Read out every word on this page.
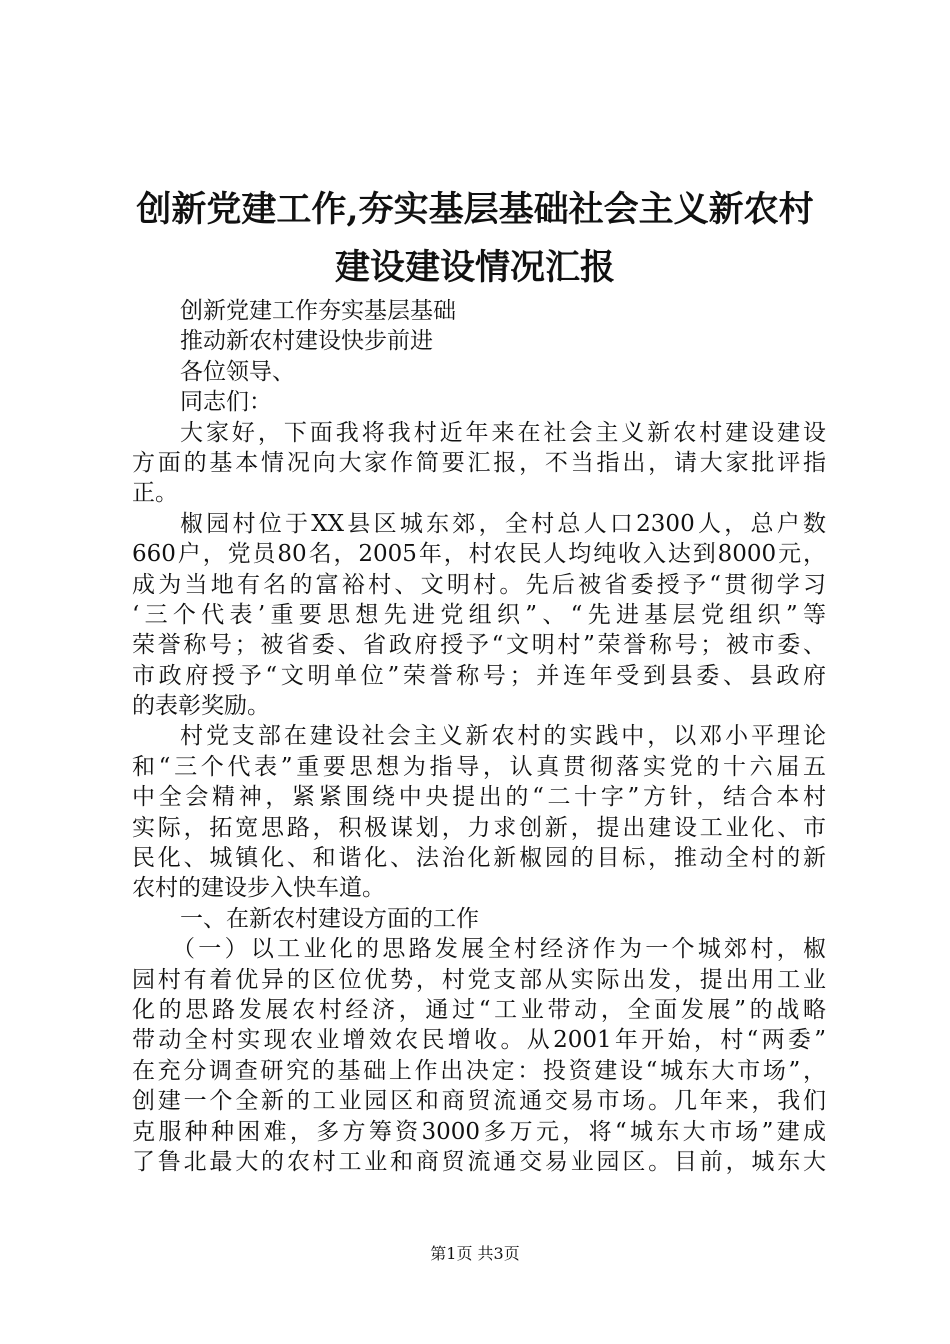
创新党建工作,夯实基层基础社会主义新农村
建设建设情况汇报
创新党建工作夯实基层基础
推动新农村建设快步前进
各位领导、
同志们：
大家好，下面我将我村近年来在社会主义新农村建设建设
方面的基本情况向大家作简要汇报，不当指出，请大家批评指
正。
椒园村位于XX县区城东郊，全村总人口2300人，总户数
660户，党员80名，2005年，村农民人均纯收入达到8000元，
成为当地有名的富裕村、文明村。先后被省委授予“贯彻学习
‘三个代表’重要思想先进党组织”、“先进基层党组织”等
荣誉称号；被省委、省政府授予“文明村”荣誉称号；被市委、
市政府授予“文明单位”荣誉称号；并连年受到县委、县政府
的表彰奖励。
村党支部在建设社会主义新农村的实践中，以邓小平理论
和“三个代表”重要思想为指导，认真贯彻落实党的十六届五
中全会精神，紧紧围绕中央提出的“二十字”方针，结合本村
实际，拓宽思路，积极谋划，力求创新，提出建设工业化、市
民化、城镇化、和谐化、法治化新椒园的目标，推动全村的新
农村的建设步入快车道。
一、在新农村建设方面的工作
（一）以工业化的思路发展全村经济作为一个城郊村，椒
园村有着优异的区位优势，村党支部从实际出发，提出用工业
化的思路发展农村经济，通过“工业带动，全面发展”的战略
带动全村实现农业增效农民增收。从2001年开始，村“两委”
在充分调查研究的基础上作出决定：投资建设“城东大市场”，
创建一个全新的工业园区和商贸流通交易市场。几年来，我们
克服种种困难，多方筹资3000多万元，将“城东大市场”建成
了鲁北最大的农村工业和商贸流通交易业园区。目前，城东大
第1页 共3页
